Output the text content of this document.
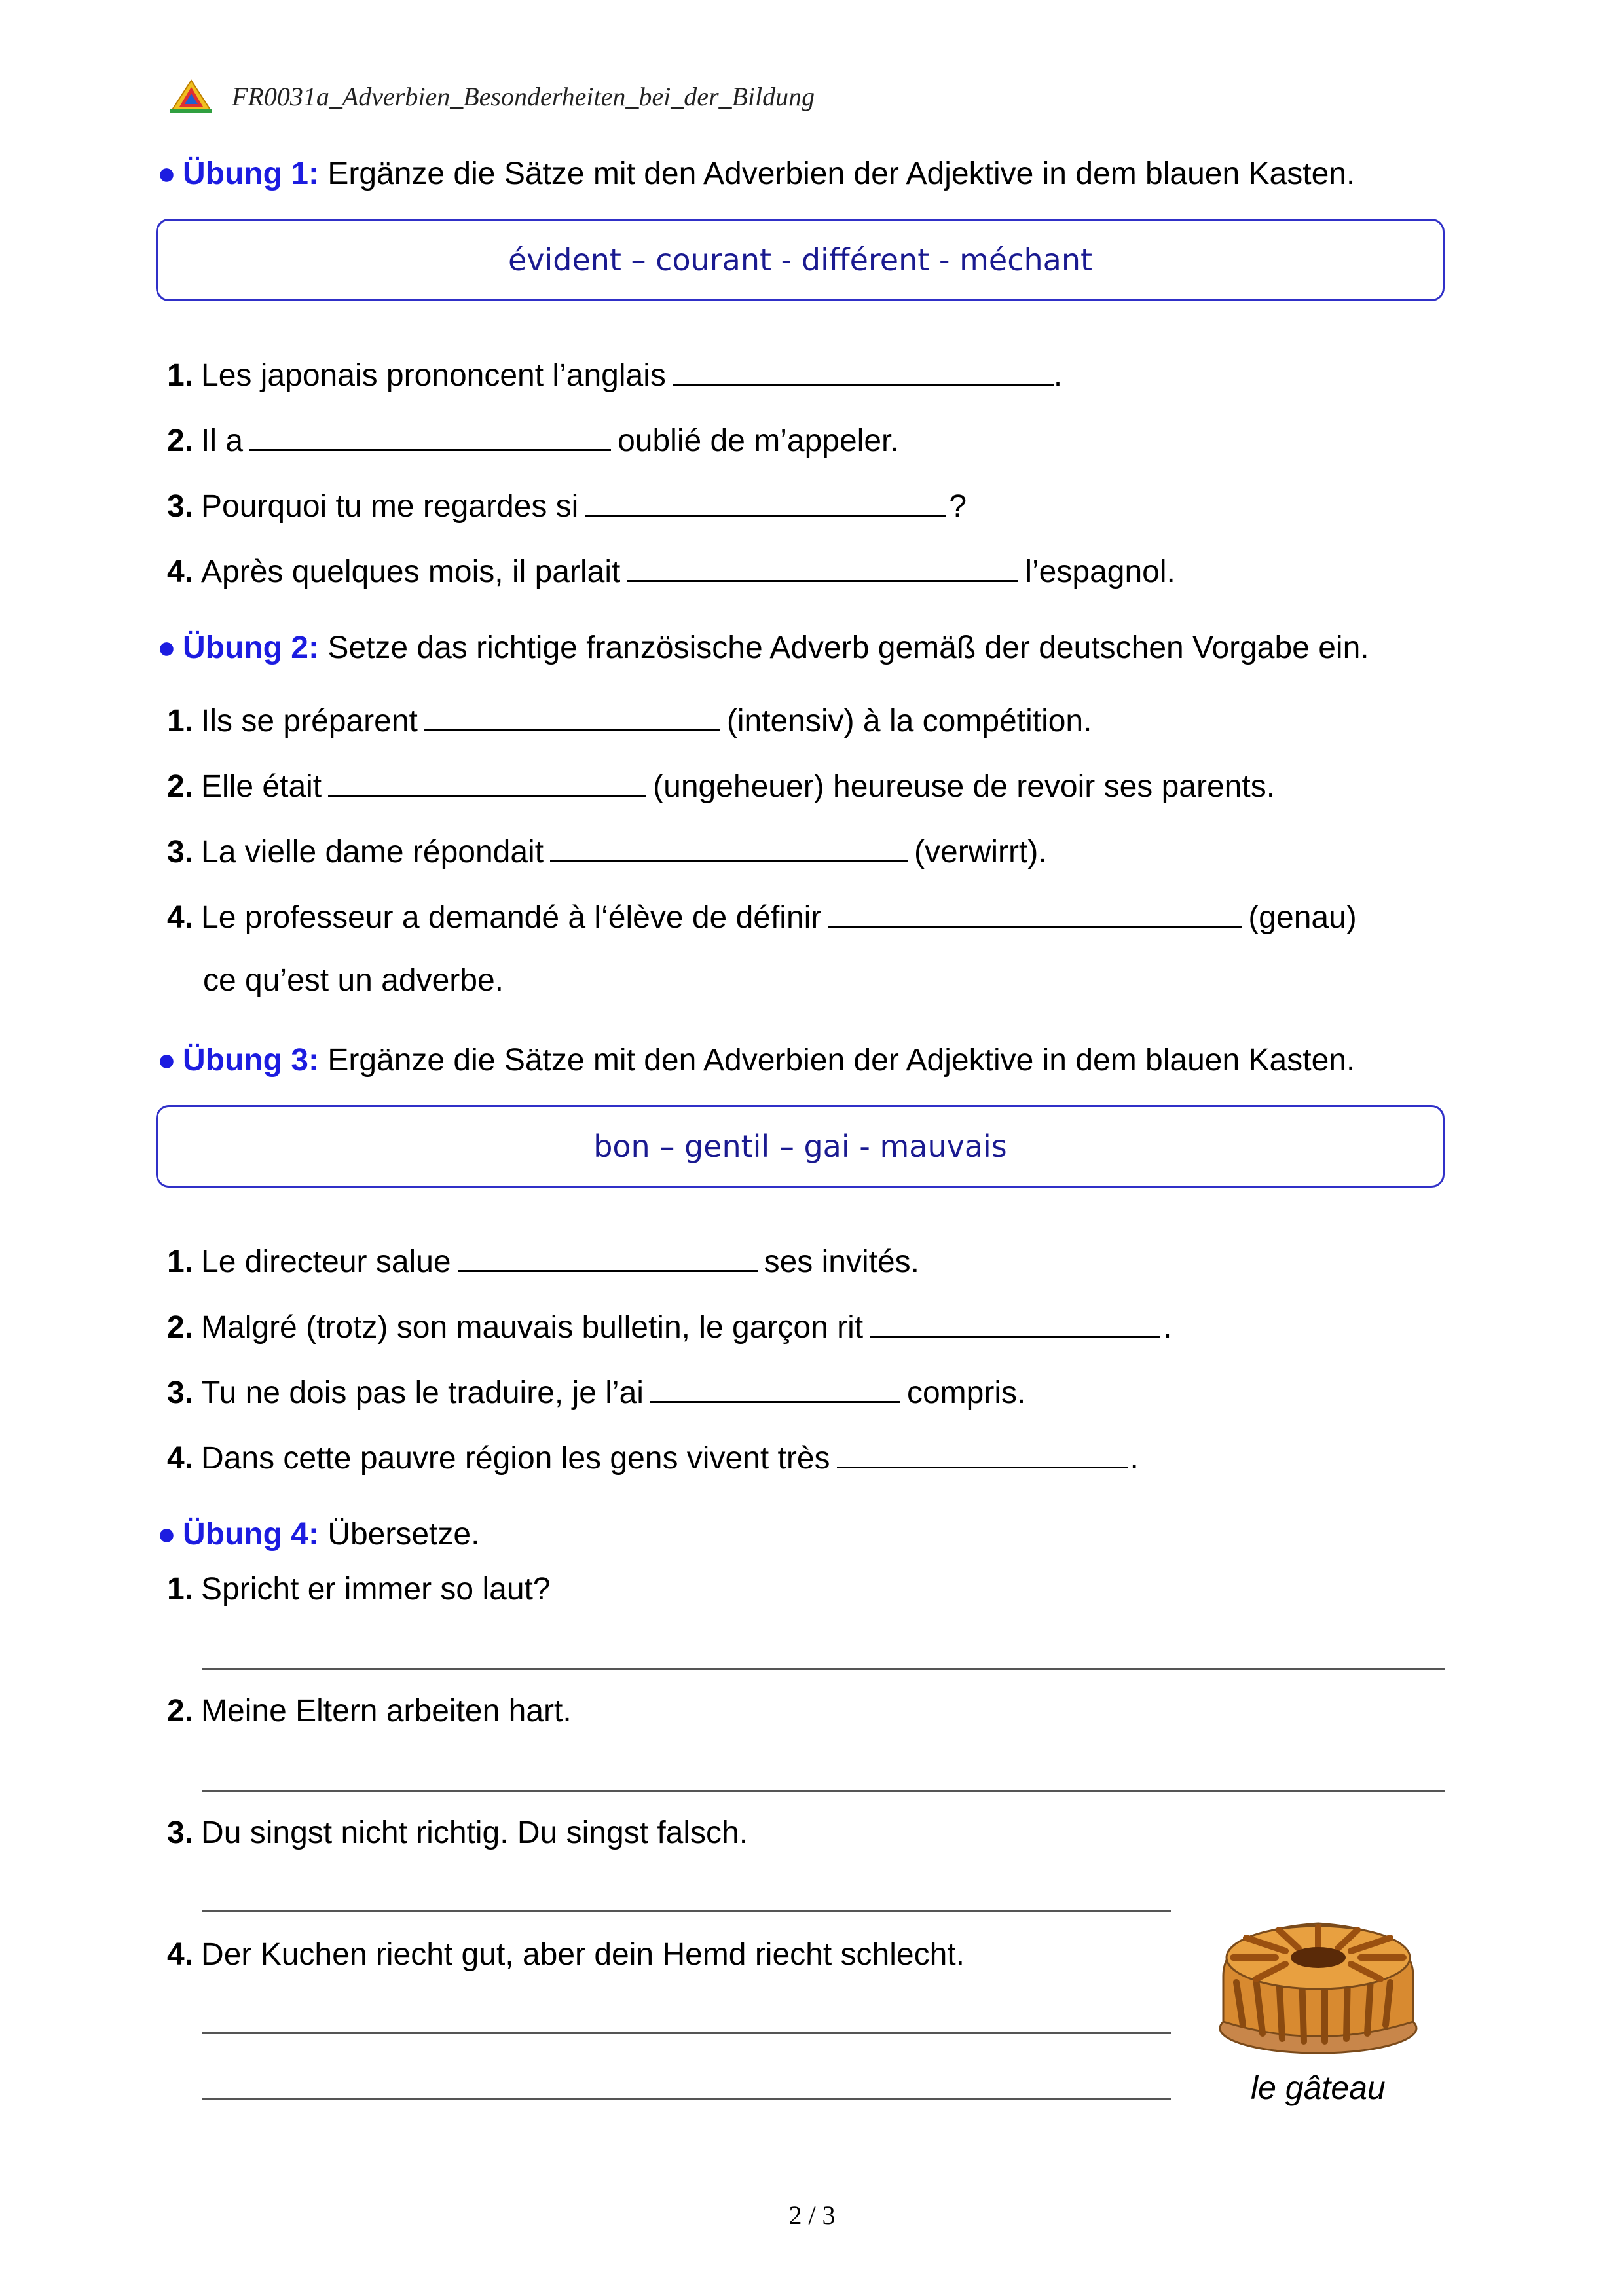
FR0031a_Adverbien_Besonderheiten_bei_der_Bildung
● Übung 1: Ergänze die Sätze mit den Adverbien der Adjektive in dem blauen Kasten.
évident – courant - différent - méchant
1. Les japonais prononcent l’anglais	.
2. Il a	oublié de m’appeler.
3. Pourquoi tu me regardes si	?
4. Après quelques mois, il parlait	l’espagnol.
● Übung 2: Setze das richtige französische Adverb gemäß der deutschen Vorgabe ein.
1. Ils se préparent	(intensiv) à la compétition.
2. Elle était	(ungeheuer) heureuse de revoir ses parents.
3. La vielle dame répondait	(verwirrt).
4. Le professeur a demandé à l‘élève de définir	(genau)
ce qu’est un adverbe.
● Übung 3: Ergänze die Sätze mit den Adverbien der Adjektive in dem blauen Kasten.
bon – gentil – gai - mauvais
1. Le directeur salue	ses invités.
2. Malgré (trotz) son mauvais bulletin, le garçon rit	.
3. Tu ne dois pas le traduire, je l’ai	compris.
4. Dans cette pauvre région les gens vivent très	.
● Übung 4: Übersetze.
1. Spricht er immer so laut?
2. Meine Eltern arbeiten hart.
3. Du singst nicht richtig. Du singst falsch.
4. Der Kuchen riecht gut, aber dein Hemd riecht schlecht.
le gâteau
2 / 3
